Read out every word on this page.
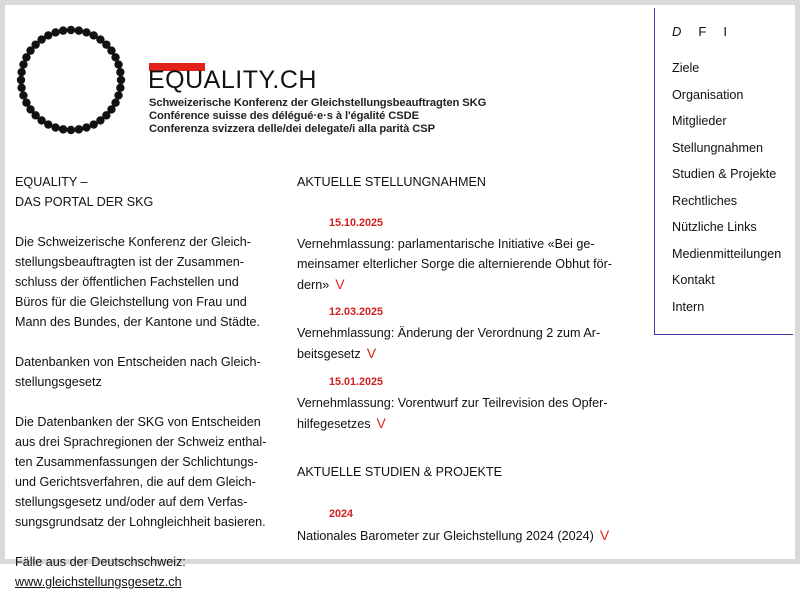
EQUALITY.CH
Schweizerische Konferenz der Gleichstellungsbeauftragten SKG
Conférence suisse des délégué·e·s à l'égalité CSDE
Conferenza svizzera delle/dei delegate/i alla parità CSP
D F I
Ziele
Organisation
Mitglieder
Stellungnahmen
Studien & Projekte
Rechtliches
Nützliche Links
Medienmitteilungen
Kontakt
Intern

EQUALITY –
DAS PORTAL DER SKG

Die Schweizerische Konferenz der Gleich-stellungsbeauftragten ist der Zusammen-schluss der öffentlichen Fachstellen und Büros für die Gleichstellung von Frau und Mann des Bundes, der Kantone und Städte.

Datenbanken von Entscheiden nach Gleich-stellungsgesetz

Die Datenbanken der SKG von Entscheiden aus drei Sprachregionen der Schweiz enthal-ten Zusammenfassungen der Schlichtungs- und Gerichtsverfahren, die auf dem Gleich-stellungsgesetz und/oder auf dem Verfas-sungsgrundsatz der Lohngleichheit basieren.

Fälle aus der Deutschschweiz:

www.gleichstellungsgesetz.ch

AKTUELLE STELLUNGNAHMEN
15.10.2025
Vernehmlassung: parlamentarische Initiative «Bei ge-meinsamer elterlicher Sorge die alternierende Obhut för-dern» V
12.03.2025
Vernehmlassung: Änderung der Verordnung 2 zum Ar-beitsgesetz V
15.01.2025
Vernehmlassung: Vorentwurf zur Teilrevision des Opfer-hilfegesetzes V
AKTUELLE STUDIEN & PROJEKTE
2024
Nationales Barometer zur Gleichstellung 2024 (2024) V
